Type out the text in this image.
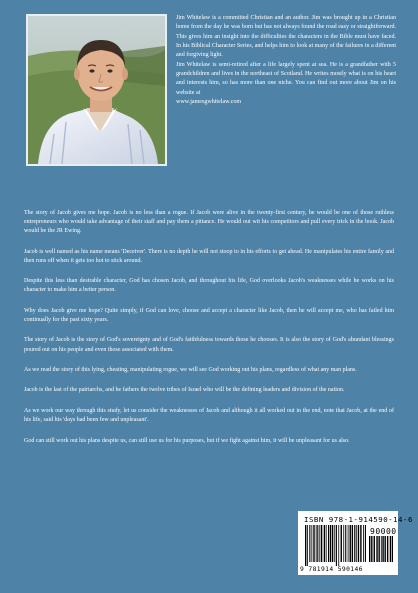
Jim Whitelaw is a committed Christian and an author. Jim was brought up in a Christian home from the day he was born but has not always found the road easy or straightforward. This gives him an insight into the difficulties the characters in the Bible must have faced. In his Biblical Character Series, and helps him to look at many of the failures in a different and forgiving light.

Jim Whitelaw is semi-retired after a life largely spent at sea. He is a grandfather with 5 grandchildren and lives in the northeast of Scotland. He writes mostly what is on his heart and interests him, so has more than one niche. You can find out more about Jim on his website at
www.jamesgwhitelaw.com

The story of Jacob gives me hope. Jacob is no less than a rogue. If Jacob were alive in the twenty-first century, he would be one of those ruthless entrepreneurs who would take advantage of their staff and pay them a pittance. He would out wit his competitors and pull every trick in the book. Jacob would be the JR Ewing.

Jacob is well named as his name means 'Deceiver'. There is no depth he will not stoop to in his efforts to get ahead. He manipulates his entire family and then runs off when it gets too hot to stick around.

Despite this less than desirable character, God has chosen Jacob, and throughout his life, God overlooks Jacob's weaknesses while he works on his character to make him a better person.

Why does Jacob give me hope? Quite simply, if God can love, choose and accept a character like Jacob, then he will accept me, who has failed him continually for the past sixty years.

The story of Jacob is the story of God's sovereignty and of God's faithfulness towards those he chooses. It is also the story of God's abundant blessings poured out on his people and even those associated with them.

As we read the story of this lying, cheating, manipulating rogue, we will see God working out his plans, regardless of what any man plans.

Jacob is the last of the patriarchs, and he fathers the twelve tribes of Israel who will be the defining leaders and division of the nation.

As we work our way through this study, let us consider the weaknesses of Jacob and although it all worked out in the end, note that Jacob, at the end of his life, said his 'days had been few and unpleasant'.

God can still work out his plans despite us, can still use us for his purposes, but if we fight against him, it will be unpleasant for us also.

ISBN 978-1-914590-14-6
90000
9 781914 590146
